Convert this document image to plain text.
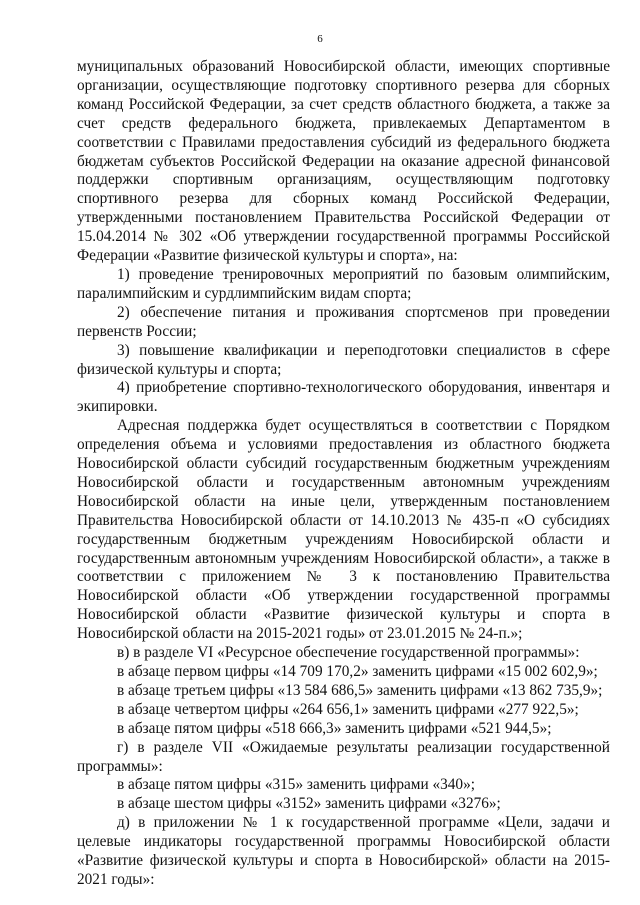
6

муниципальных образований Новосибирской области, имеющих спортивные организации, осуществляющие подготовку спортивного резерва для сборных команд Российской Федерации, за счет средств областного бюджета, а также за счет средств федерального бюджета, привлекаемых Департаментом в соответствии с Правилами предоставления субсидий из федерального бюджета бюджетам субъектов Российской Федерации на оказание адресной финансовой поддержки спортивным организациям, осуществляющим подготовку спортивного резерва для сборных команд Российской Федерации, утвержденными постановлением Правительства Российской Федерации от 15.04.2014 № 302 «Об утверждении государственной программы Российской Федерации «Развитие физической культуры и спорта», на:

1) проведение тренировочных мероприятий по базовым олимпийским, паралимпийским и сурдлимпийским видам спорта;

2) обеспечение питания и проживания спортсменов при проведении первенств России;

3) повышение квалификации и переподготовки специалистов в сфере физической культуры и спорта;

4) приобретение спортивно-технологического оборудования, инвентаря и экипировки.

Адресная поддержка будет осуществляться в соответствии с Порядком определения объема и условиями предоставления из областного бюджета Новосибирской области субсидий государственным бюджетным учреждениям Новосибирской области и государственным автономным учреждениям Новосибирской области на иные цели, утвержденным постановлением Правительства Новосибирской области от 14.10.2013 № 435-п «О субсидиях государственным бюджетным учреждениям Новосибирской области и государственным автономным учреждениям Новосибирской области», а также в соответствии с приложением № 3 к постановлению Правительства Новосибирской области «Об утверждении государственной программы Новосибирской области «Развитие физической культуры и спорта в Новосибирской области на 2015-2021 годы» от 23.01.2015 № 24-п.»;

в) в разделе VI «Ресурсное обеспечение государственной программы»:

в абзаце первом цифры «14 709 170,2» заменить цифрами «15 002 602,9»;

в абзаце третьем цифры «13 584 686,5» заменить цифрами «13 862 735,9»;

в абзаце четвертом цифры «264 656,1» заменить цифрами «277 922,5»;

в абзаце пятом цифры «518 666,3» заменить цифрами «521 944,5»;

г) в разделе VII «Ожидаемые результаты реализации государственной программы»:

в абзаце пятом цифры «315» заменить цифрами «340»;

в абзаце шестом цифры «3152» заменить цифрами «3276»;

д) в приложении № 1 к государственной программе «Цели, задачи и целевые индикаторы государственной программы Новосибирской области «Развитие физической культуры и спорта в Новосибирской» области на 2015-2021 годы»:
